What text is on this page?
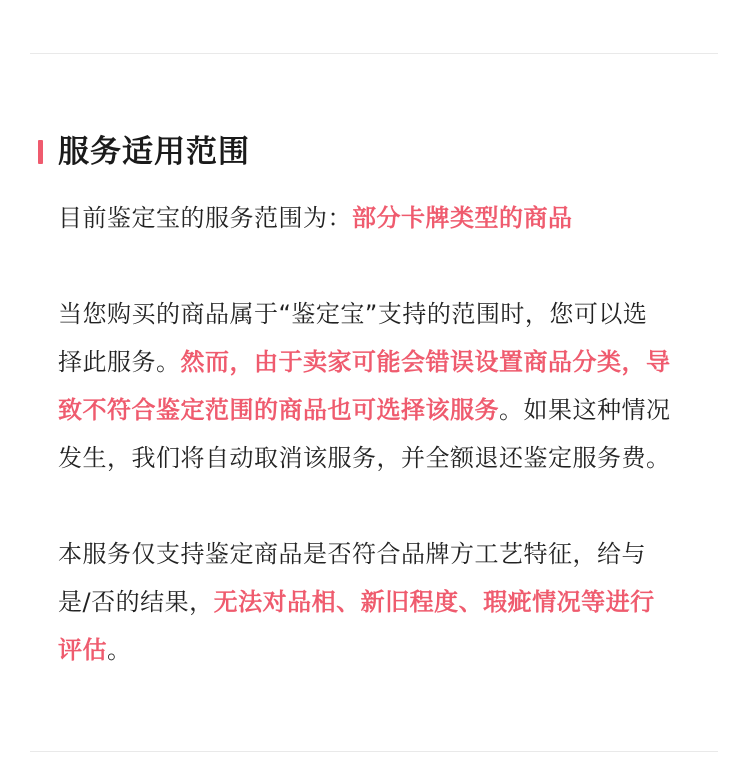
服务适用范围
目前鉴定宝的服务范围为：部分卡牌类型的商品
当您购买的商品属于“鉴定宝”支持的范围时，您可以选
择此服务。然而，由于卖家可能会错误设置商品分类，导
致不符合鉴定范围的商品也可选择该服务。如果这种情况
发生，我们将自动取消该服务，并全额退还鉴定服务费。
本服务仅支持鉴定商品是否符合品牌方工艺特征，给与
是/否的结果，无法对品相、新旧程度、瑕疵情况等进行
评估。
